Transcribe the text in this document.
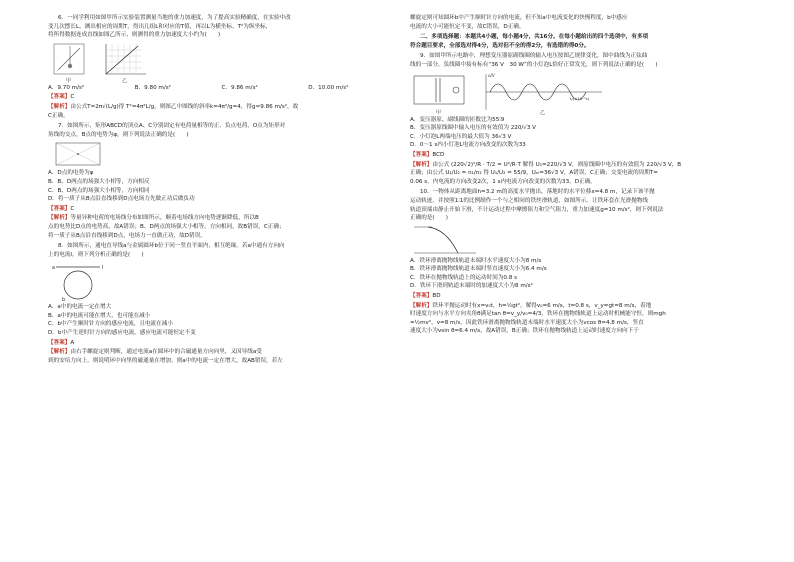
6．一同学利用如图甲所示实验装置测量当地的重力加速度，为了提高实验精确度，在实验中改

变几次摆长L、测出相应的周期T，得出几组L和对应的T值，再以L为横坐标、T²为纵坐标，

将所得数据连成直线如图乙所示，则测得的重力加速度大小约为(　　)

甲	乙
A．9.70 m/s²	B．9.80 m/s²	C．9.86 m/s²	D．10.00 m/s²

【答案】C

【解析】由公式T=2π√(L/g)得 T²=4π²L/g，则图乙中图线的斜率k=4π²/g=4，得g≈9.86 m/s²，故

C正确。

7．如图所示，矩形ABCD的顶点A、C分别固定有电荷量相等的正、负点电荷，O点为矩形对

角线的交点，B点的电势为φ，则下列说法正确的是(　　)

A．D点的电势为φ

B．B、D两点的场强大小相等，方向相反

C．B、D两点的场强大小相等，方向相同

D．将一质子从B点沿直线移到D点电场力先做正功后做负功

【答案】C

【解析】等量异种电荷的电场线分布如图所示，顺着电场线方向电势逐渐降低，所以B

点的电势比D点的电势高，故A错误；B、D两点的场强大小相等，方向相同，故B错误，C正确；

将一质子从B点沿直线移到D点，电场力一直做正功，故D错误。

8．如图所示，通电直导线a与金属圆环b位于同一竖直平面内，相互绝缘。若a中通有方向向

上的电流I，则下列分析正确的是(　　)

a	I
b

A．a中的电流一定在增大

B．a中的电流可能在增大，也可能在减小

C．b中产生顺时针方向的感应电流，且电流在减小

D．b中产生逆时针方向的感应电流，感应电流可能恒定不变

【答案】A

【解析】由右手螺旋定则判断，通过电流a在圆环中的合磁通量方向向里，又因导线a受

到的安培力向上，则说明环中向里的磁通量在增加，则a中的电流一定在增大，故AB错误，若左

螺旋定则可知圆环b中产生顺时针方向的电流，但不知a中电流变化的快慢程度，b中感应

电流的大小可能恒定不变，故C错误，D正确。

二、多项选择题：本题共4小题，每小题4分，共16分。在每小题给出的四个选项中，有多项

符合题目要求，全部选对得4分，选对但不全的得2分，有选错的得0分。

9．如图甲所示电路中，理想变压器原副线圈的输入电压按图乙规律变化，图中曲线为正弦曲

线的一部分，负线圈中接有标有“36 V　30 W”的小灯泡L恰好正常发光，则下列说法正确的是(　　)

甲
u/V
t/(×10⁻²s)
乙

A．变压器原、副线圈的匝数比为55∶9

B．变压器原线圈中输入电压的有效值为 220/√3 V

C．小灯泡L两端电压的最大值为 36√3 V

D．0～1 s内小灯泡L电流方向改变的次数为33

【答案】BCD

【解析】由公式 (220√2)²/R · T/2 = U²/R·T 解得 U₁=220/√3 V，则原线圈中电压的有效值为 220/√3 V，B

正确；由公式 U₁/U₂ = n₁/n₂ 得 U₁/U₂ = 55/9，Uₘ=36√3 V，A错误，C正确；交变电流的周期T=

0.06 s，内电流的方向改变2次，1 s内电流方向改变的次数为33，D正确。

10．一物体从距离地面h=3.2 m的高度水平抛出，落地时的水平位移x=4.8 m，记录下该平抛

运动轨迹，并按照1∶1的比例制作一个与之相同的铁丝滑轨道，如图所示。让铁环套在光滑抛物线

轨道顶端由静止开始下滑，不计运动过程中摩擦阻力和空气阻力，重力加速度g=10 m/s²，则下列说法

正确的是(　　)

A．铁环滑离抛物线轨道末端时水平速度大小为8 m/s

B．铁环滑离抛物线轨道末端时竖直速度大小为6.4 m/s

C．铁环在抛物线轨道上的运动时间为0.8 s

D．铁环下滑到轨道末端时的加速度大小为8 m/s²

【答案】BD

【解析】铁环平抛运动时有x=v₀t，h=½gt²，解得v₀=6 m/s，t=0.8 s，v_y=gt=8 m/s，着地

时速度方向与水平方向夹角θ满足tan θ=v_y/v₀=4/3，铁环在抛物线轨道上运动时机械能守恒，则mgh

=½mv²，v=8 m/s，因此铁环滑离抛物线轨道末端时水平速度大小为vcos θ=4.8 m/s，竖直

速度大小为vsin θ=6.4 m/s，故A错误，B正确；铁环在抛物线轨道上运动时速度方向向下于
